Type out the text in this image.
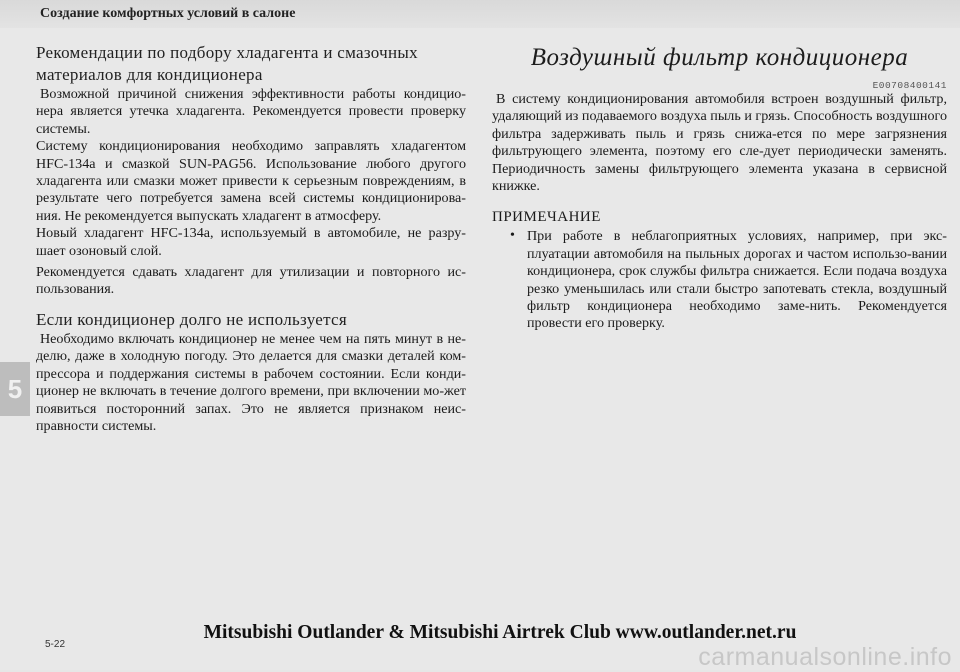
Создание комфортных условий в салоне

Рекомендации по подбору хладагента и смазочных материалов для кондиционера

Возможной причиной снижения эффективности работы кондицио-нера является утечка хладагента. Рекомендуется провести проверку системы.

Систему кондиционирования необходимо заправлять хладагентом HFC-134a и смазкой SUN-PAG56. Использование любого другого хладагента или смазки может привести к серьезным повреждениям, в результате чего потребуется замена всей системы кондиционирова-ния. Не рекомендуется выпускать хладагент в атмосферу.

Новый хладагент HFC-134a, используемый в автомобиле, не разру-шает озоновый слой.

Рекомендуется сдавать хладагент для утилизации и повторного ис-пользования.

Если кондиционер долго не используется

Необходимо включать кондиционер не менее чем на пять минут в не-делю, даже в холодную погоду. Это делается для смазки деталей ком-прессора и поддержания системы в рабочем состоянии. Если конди-ционер не включать в течение долгого времени, при включении мо-жет появиться посторонний запах. Это не является признаком неис-правности системы.

Воздушный фильтр кондиционера

E00708400141

В систему кондиционирования автомобиля встроен воздушный фильтр, удаляющий из подаваемого воздуха пыль и грязь. Способность воздушного фильтра задерживать пыль и грязь снижа-ется по мере загрязнения фильтрующего элемента, поэтому его сле-дует периодически заменять. Периодичность замены фильтрующего элемента указана в сервисной книжке.

ПРИМЕЧАНИЕ
• При работе в неблагоприятных условиях, например, при экс-плуатации автомобиля на пыльных дорогах и частом использо-вании кондиционера, срок службы фильтра снижается. Если подача воздуха резко уменьшилась или стали быстро запотевать стекла, воздушный фильтр кондиционера необходимо заме-нить. Рекомендуется провести его проверку.

5
5-22
Mitsubishi Outlander & Mitsubishi Airtrek Club www.outlander.net.ru
carmanualsonline.info
